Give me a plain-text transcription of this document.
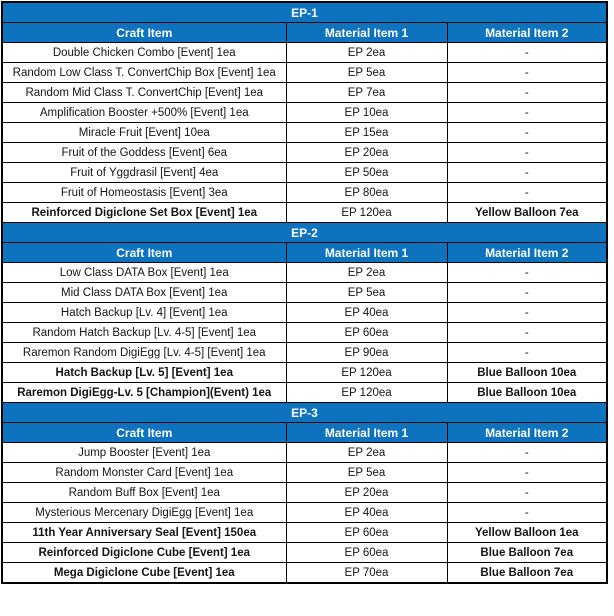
EP-1		
Craft Item	Material Item 1	Material Item 2
Double Chicken Combo [Event] 1ea	EP 2ea	-
Random Low Class T. ConvertChip Box [Event] 1ea	EP 5ea	-
Random Mid Class T. ConvertChip [Event] 1ea	EP 7ea	-
Amplification Booster +500% [Event] 1ea	EP 10ea	-
Miracle Fruit [Event] 10ea	EP 15ea	-
Fruit of the Goddess [Event] 6ea	EP 20ea	-
Fruit of Yggdrasil [Event] 4ea	EP 50ea	-
Fruit of Homeostasis [Event] 3ea	EP 80ea	-
Reinforced Digiclone Set Box [Event] 1ea	EP 120ea	Yellow Balloon 7ea
EP-2		
Craft Item	Material Item 1	Material Item 2
Low Class DATA Box [Event] 1ea	EP 2ea	-
Mid Class DATA Box [Event] 1ea	EP 5ea	-
Hatch Backup [Lv. 4] [Event] 1ea	EP 40ea	-
Random Hatch Backup [Lv. 4-5] [Event] 1ea	EP 60ea	-
Raremon Random DigiEgg [Lv. 4-5] [Event] 1ea	EP 90ea	-
Hatch Backup [Lv. 5] [Event] 1ea	EP 120ea	Blue Balloon 10ea
Raremon DigiEgg-Lv. 5 [Champion](Event) 1ea	EP 120ea	Blue Balloon 10ea
EP-3		
Craft Item	Material Item 1	Material Item 2
Jump Booster [Event] 1ea	EP 2ea	-
Random Monster Card [Event] 1ea	EP 5ea	-
Random Buff Box [Event] 1ea	EP 20ea	-
Mysterious Mercenary DigiEgg [Event] 1ea	EP 40ea	-
11th Year Anniversary Seal [Event] 150ea	EP 60ea	Yellow Balloon 1ea
Reinforced Digiclone Cube [Event] 1ea	EP 60ea	Blue Balloon 7ea
Mega Digiclone Cube [Event] 1ea	EP 70ea	Blue Balloon 7ea
